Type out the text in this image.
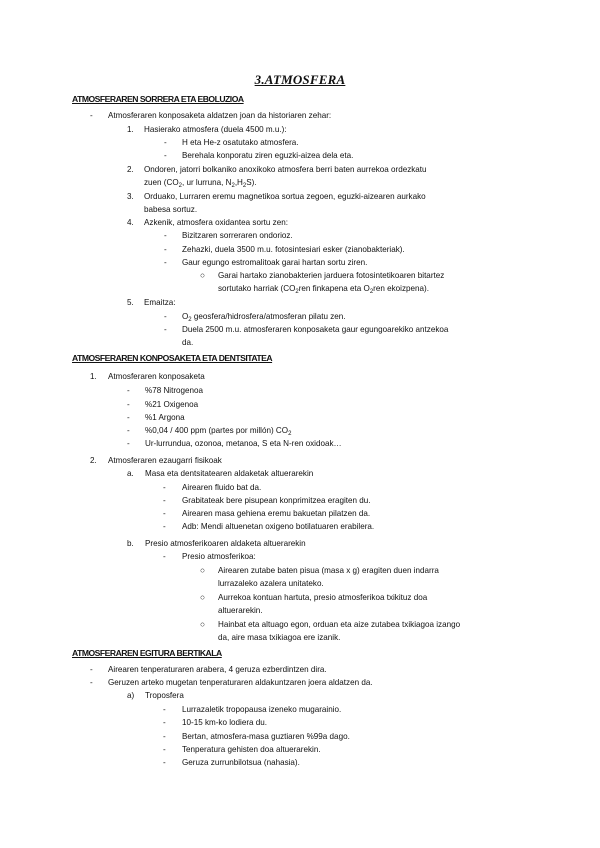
3.ATMOSFERA
ATMOSFERAREN SORRERA ETA EBOLUZIOA
- Atmosferaren konposaketa aldatzen joan da historiaren zehar:
1. Hasierako atmosfera (duela 4500 m.u.):
- H eta He-z osatutako atmosfera.
- Berehala konporatu ziren eguzki-aizea dela eta.
2. Ondoren, jatorri bolkaniko anoxikoko atmosfera berri baten aurrekoa ordezkatu
zuen ($CO_2$, ur lurruna, $N_2,H_2S$).
3. Orduako, Lurraren eremu magnetikoa sortua zegoen, eguzki-aizearen aurkako
babesa sortuz.
4. Azkenik, atmosfera oxidantea sortu zen:
- Bizitzaren sorreraren ondorioz.
- Zehazki, duela 3500 m.u. fotosintesiari esker (zianobakteriak).
- Gaur egungo estromalitoak garai hartan sortu ziren.
○ Garai hartako zianobakterien jarduera fotosintetikoaren bitartez
sortutako harriak ($CO_2ren$ finkapena eta $O_2ren$ ekoizpena).
5. Emaitza:
- $O_2$ geosfera/hidrosfera/atmosferan pilatu zen.
- Duela 2500 m.u. atmosferaren konposaketa gaur egungoarekiko antzekoa
da.
ATMOSFERAREN KONPOSAKETA ETA DENTSITATEA
1. Atmosferaren konposaketa
- %78 Nitrogenoa
- %21 Oxigenoa
- %1 Argona
- %0,04 / 400 ppm (partes por millón) $CO_2$
- Ur-lurrundua, ozonoa, metanoa, S eta N-ren oxidoak…
2. Atmosferaren ezaugarri fisikoak
a. Masa eta dentsitatearen aldaketak altuerarekin
- Airearen fluido bat da.
- Grabitateak bere pisupean konprimitzea eragiten du.
- Airearen masa gehiena eremu bakuetan pilatzen da.
- Adb: Mendi altuenetan oxigeno botilatuaren erabilera.
b. Presio atmosferikoaren aldaketa altuerarekin
- Presio atmosferikoa:
○ Airearen zutabe baten pisua (masa x g) eragiten duen indarra
lurrazaleko azalera unitateko.
○ Aurrekoa kontuan hartuta, presio atmosferikoa txikituz doa
altuerarekin.
○ Hainbat eta altuago egon, orduan eta aize zutabea txikiagoa izango
da, aire masa txikiagoa ere izanik.
ATMOSFERAREN EGITURA BERTIKALA
- Airearen tenperaturaren arabera, 4 geruza ezberdintzen dira.
- Geruzen arteko mugetan tenperaturaren aldakuntzaren joera aldatzen da.
a) Troposfera
- Lurrazaletik tropopausa izeneko mugarainio.
- 10-15 km-ko lodiera du.
- Bertan, atmosfera-masa guztiaren %99a dago.
- Tenperatura gehisten doa altuerarekin.
- Geruza zurrunbilotsua (nahasia).
